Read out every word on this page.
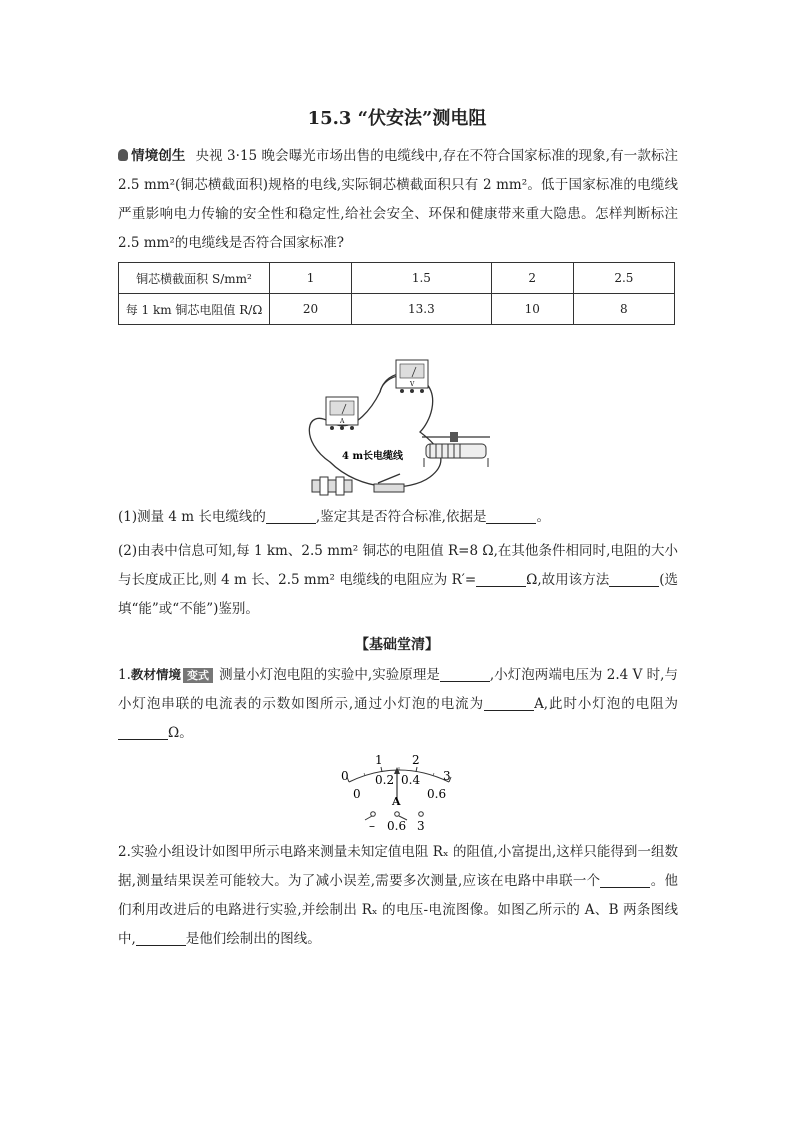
15.3 “伏安法”测电阻
情境创生 央视 3·15 晚会曝光市场出售的电缆线中,存在不符合国家标准的现象,有一款标注 2.5 mm²(铜芯横截面积)规格的电线,实际铜芯横截面积只有 2 mm²。低于国家标准的电缆线严重影响电力传输的安全性和稳定性,给社会安全、环保和健康带来重大隐患。怎样判断标注 2.5 mm²的电缆线是否符合国家标准?
铜芯横截面积 S/mm²	1	1.5	2	2.5
每 1 km 铜芯电阻值 R/Ω	20	13.3	10	8
A
V
4 m长电缆线
(1)测量 4 m 长电缆线的	,鉴定其是否符合标准,依据是	。
(2)由表中信息可知,每 1 km、2.5 mm² 铜芯的电阻值 R=8 Ω,在其他条件相同时,电阻的大小与长度成正比,则 4 m 长、2.5 mm² 电缆线的电阻应为 R′=	Ω,故用该方法	(选填“能”或“不能”)鉴别。
【基础堂清】
1.教材情境 变式 测量小灯泡电阻的实验中,实验原理是	,小灯泡两端电压为 2.4 V 时,与小灯泡串联的电流表的示数如图所示,通过小灯泡的电流为	A,此时小灯泡的电阻为Ω。
0
1 2
3
0
0.2 0.4
0.6
A
– 0.6 3
2.实验小组设计如图甲所示电路来测量未知定值电阻 Rₓ 的阻值,小富提出,这样只能得到一组数据,测量结果误差可能较大。为了减小误差,需要多次测量,应该在电路中串联一个	。他们利用改进后的电路进行实验,并绘制出 Rₓ 的电压-电流图像。如图乙所示的 A、B 两条图线中,	是他们绘制出的图线。
